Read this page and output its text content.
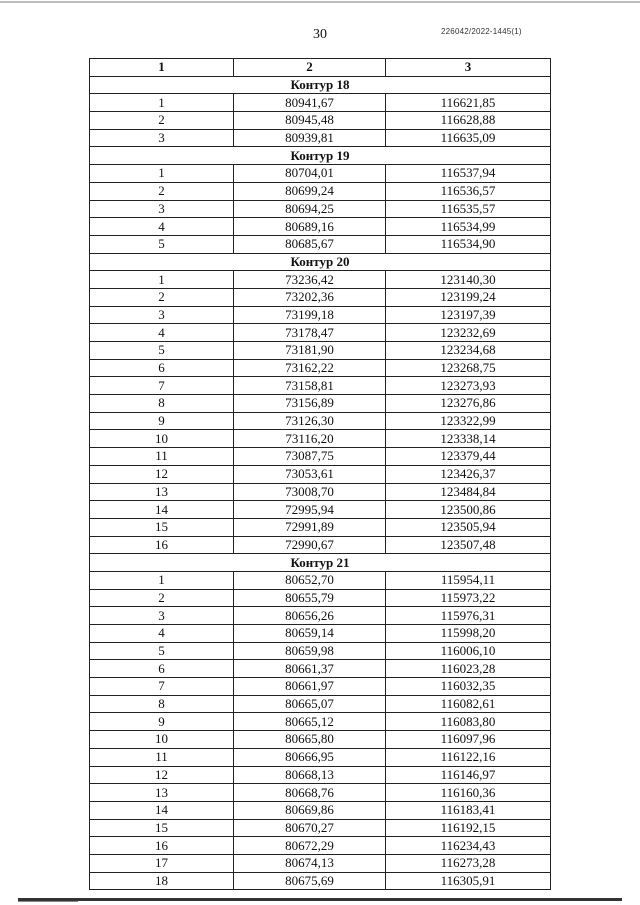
30	226042/2022-1445(1)
1	2	3
Контур 18		
1	80941,67	116621,85
2	80945,48	116628,88
3	80939,81	116635,09
Контур 19		
1	80704,01	116537,94
2	80699,24	116536,57
3	80694,25	116535,57
4	80689,16	116534,99
5	80685,67	116534,90
Контур 20		
1	73236,42	123140,30
2	73202,36	123199,24
3	73199,18	123197,39
4	73178,47	123232,69
5	73181,90	123234,68
6	73162,22	123268,75
7	73158,81	123273,93
8	73156,89	123276,86
9	73126,30	123322,99
10	73116,20	123338,14
11	73087,75	123379,44
12	73053,61	123426,37
13	73008,70	123484,84
14	72995,94	123500,86
15	72991,89	123505,94
16	72990,67	123507,48
Контур 21		
1	80652,70	115954,11
2	80655,79	115973,22
3	80656,26	115976,31
4	80659,14	115998,20
5	80659,98	116006,10
6	80661,37	116023,28
7	80661,97	116032,35
8	80665,07	116082,61
9	80665,12	116083,80
10	80665,80	116097,96
11	80666,95	116122,16
12	80668,13	116146,97
13	80668,76	116160,36
14	80669,86	116183,41
15	80670,27	116192,15
16	80672,29	116234,43
17	80674,13	116273,28
18	80675,69	116305,91
